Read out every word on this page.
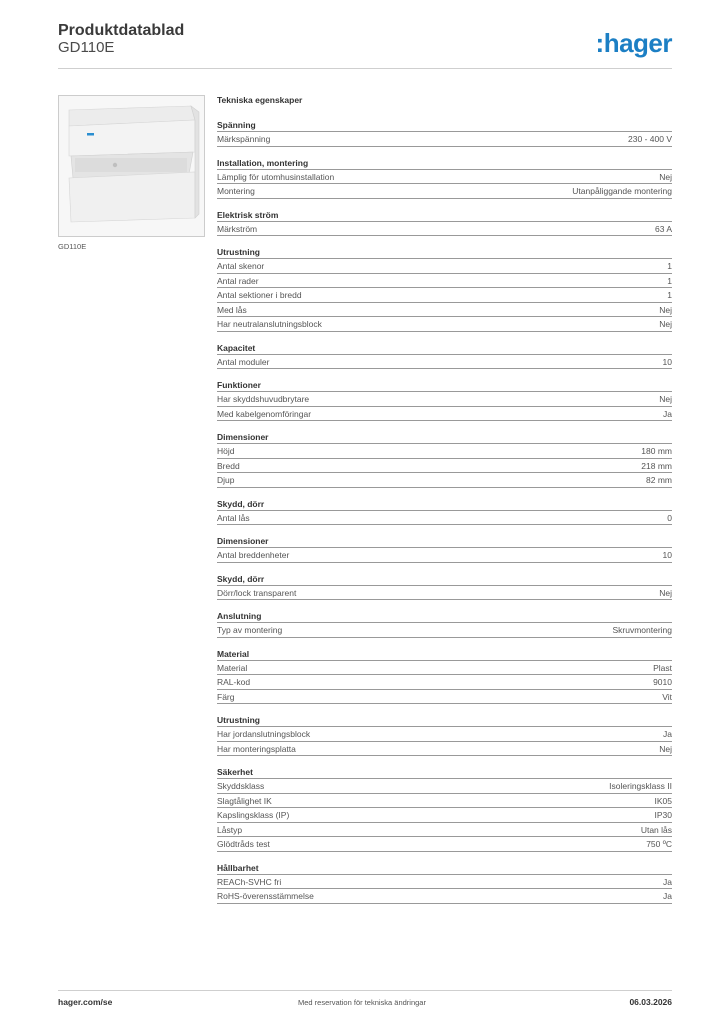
Produktdatablad
GD110E	:hager
GD110E
Tekniska egenskaper
Spänning
Märkspänning	230 - 400 V
Installation, montering
Lämplig för utomhusinstallation	Nej
Montering	Utanpåliggande montering
Elektrisk ström
Märkström	63 A
Utrustning
Antal skenor	1
Antal rader	1
Antal sektioner i bredd	1
Med lås	Nej
Har neutralanslutningsblock	Nej
Kapacitet
Antal moduler	10
Funktioner
Har skyddshuvudbrytare	Nej
Med kabelgenomföringar	Ja
Dimensioner
Höjd	180 mm
Bredd	218 mm
Djup	82 mm
Skydd, dörr
Antal lås	0
Dimensioner
Antal breddenheter	10
Skydd, dörr
Dörr/lock transparent	Nej
Anslutning
Typ av montering	Skruvmontering
Material
Material	Plast
RAL-kod	9010
Färg	Vit
Utrustning
Har jordanslutningsblock	Ja
Har monteringsplatta	Nej
Säkerhet
Skyddsklass	Isoleringsklass II
Slagtålighet IK	IK05
Kapslingsklass (IP)	IP30
Låstyp	Utan lås
Glödtråds test	750 ºC
Hållbarhet
REACh-SVHC fri	Ja
RoHS-överensstämmelse	Ja
hager.com/se	Med reservation för tekniska ändringar	06.03.2026
